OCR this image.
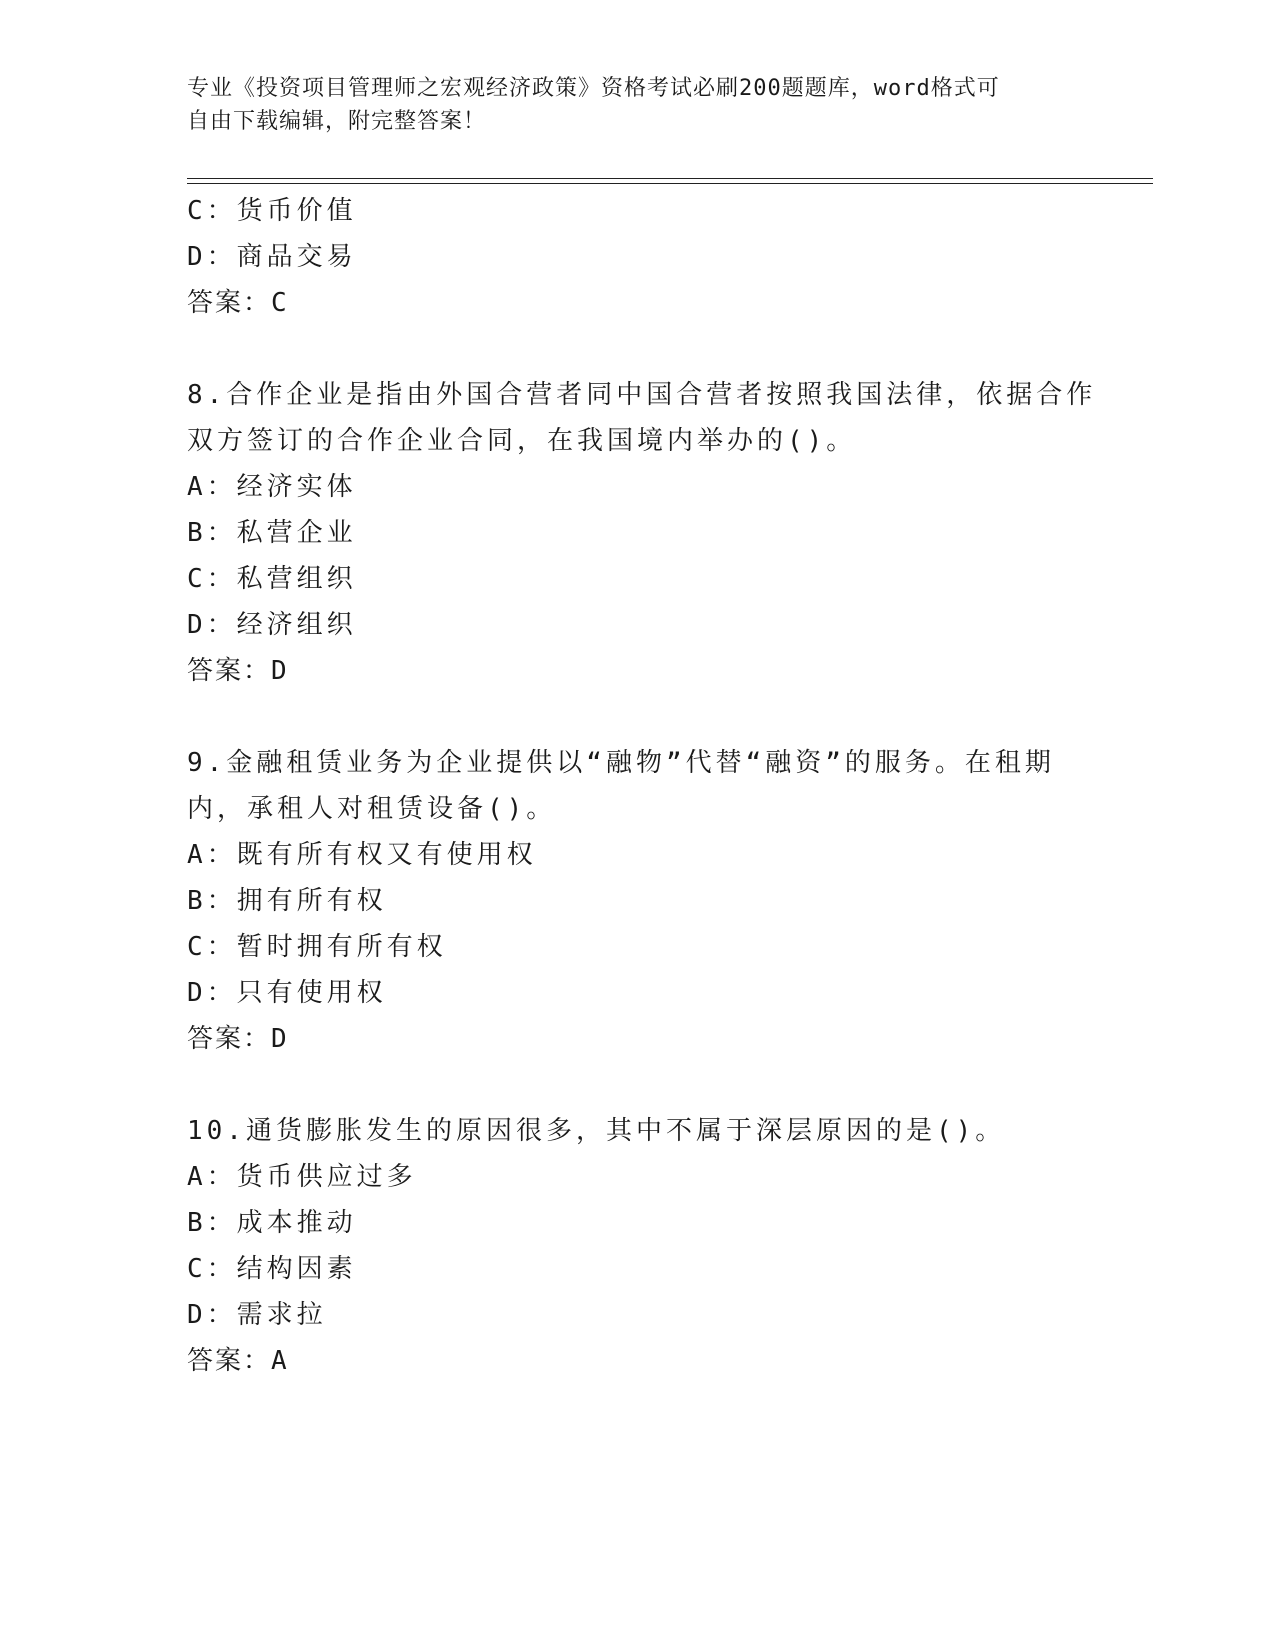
专业《投资项目管理师之宏观经济政策》资格考试必刷200题题库，word格式可
自由下载编辑，附完整答案！
C：货币价值
D：商品交易
答案：C
8.合作企业是指由外国合营者同中国合营者按照我国法律，依据合作
双方签订的合作企业合同，在我国境内举办的()。
A：经济实体
B：私营企业
C：私营组织
D：经济组织
答案：D
9.金融租赁业务为企业提供以“融物”代替“融资”的服务。在租期
内，承租人对租赁设备()。
A：既有所有权又有使用权
B：拥有所有权
C：暂时拥有所有权
D：只有使用权
答案：D
10.通货膨胀发生的原因很多，其中不属于深层原因的是()。
A：货币供应过多
B：成本推动
C：结构因素
D：需求拉
答案：A
